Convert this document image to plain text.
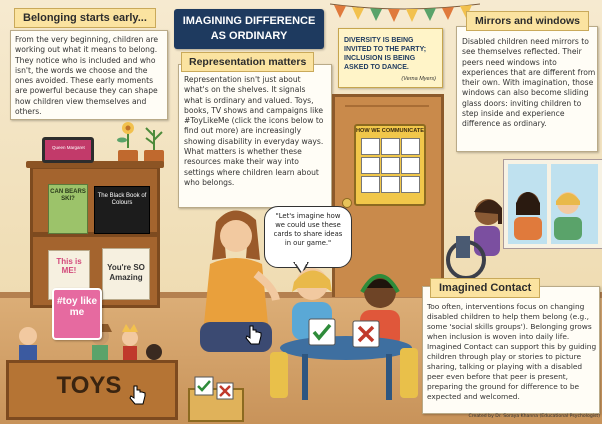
IMAGINING DIFFERENCE
AS ORDINARY
Belonging starts early...
From the very beginning, children are working out what it means to belong. They notice who is included and who isn't, the words we choose and the ones avoided. These early moments are powerful because they can shape how children view themselves and others.
Representation matters
Representation isn't just about what's on the shelves. It signals what is ordinary and valued. Toys, books, TV shows and campaigns like #ToyLikeMe (click the icons below to find out more) are increasingly showing disability in everyday ways. What matters is whether these resources make their way into settings where children learn about who belongs.
DIVERSITY IS BEING INVITED TO THE PARTY; INCLUSION IS BEING ASKED TO DANCE.
(Verna Myers)
Mirrors and windows
Disabled children need mirrors to see themselves reflected. Their peers need windows into experiences that are different from their own. With imagination, those windows can also become sliding glass doors: inviting children to step inside and experience difference as ordinary.
HOW WE COMMUNICATE
Queen Margaret
CAN BEARS SKI?	The Black Book of Colours
This is ME!	You're SO Amazing
#toy like me
TOYS
"Let's imagine how we could use these cards to share ideas in our game."
Imagined Contact
Too often, interventions focus on changing disabled children to help them belong (e.g., some 'social skills groups'). Belonging grows when inclusion is woven into daily life. Imagined Contact can support this by guiding children through play or stories to picture sharing, talking or playing with a disabled peer even before that peer is present, preparing the ground for difference to be expected and welcomed.
Created by Dr. Soraya Khanna (Educational Psychologist)
